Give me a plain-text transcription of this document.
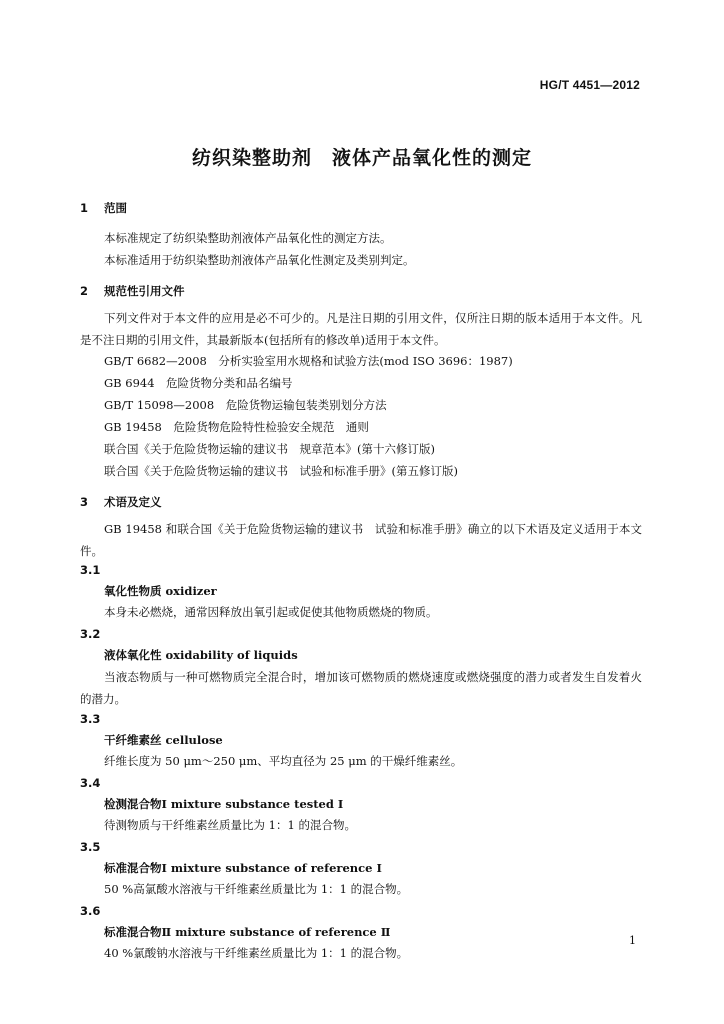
HG/T 4451—2012
纺织染整助剂　液体产品氧化性的测定
1 范围
本标准规定了纺织染整助剂液体产品氧化性的测定方法。
本标准适用于纺织染整助剂液体产品氧化性测定及类别判定。
2 规范性引用文件
下列文件对于本文件的应用是必不可少的。凡是注日期的引用文件，仅所注日期的版本适用于本文件。凡是不注日期的引用文件，其最新版本(包括所有的修改单)适用于本文件。
GB/T 6682—2008　分析实验室用水规格和试验方法(mod ISO 3696：1987)
GB 6944　危险货物分类和品名编号
GB/T 15098—2008　危险货物运输包装类别划分方法
GB 19458　危险货物危险特性检验安全规范　通则
联合国《关于危险货物运输的建议书　规章范本》(第十六修订版)
联合国《关于危险货物运输的建议书　试验和标准手册》(第五修订版)
3 术语及定义
GB 19458 和联合国《关于危险货物运输的建议书　试验和标准手册》确立的以下术语及定义适用于本文件。
3.1
氧化性物质 oxidizer
本身未必燃烧，通常因释放出氧引起或促使其他物质燃烧的物质。
3.2
液体氧化性 oxidability of liquids
当液态物质与一种可燃物质完全混合时，增加该可燃物质的燃烧速度或燃烧强度的潜力或者发生自发着火的潜力。
3.3
干纤维素丝 cellulose
纤维长度为 50 μm～250 μm、平均直径为 25 μm 的干燥纤维素丝。
3.4
检测混合物Ⅰ mixture substance tested Ⅰ
待测物质与干纤维素丝质量比为 1：1 的混合物。
3.5
标准混合物Ⅰ mixture substance of reference Ⅰ
50 %高氯酸水溶液与干纤维素丝质量比为 1：1 的混合物。
3.6
标准混合物Ⅱ mixture substance of reference Ⅱ
40 %氯酸钠水溶液与干纤维素丝质量比为 1：1 的混合物。
1
